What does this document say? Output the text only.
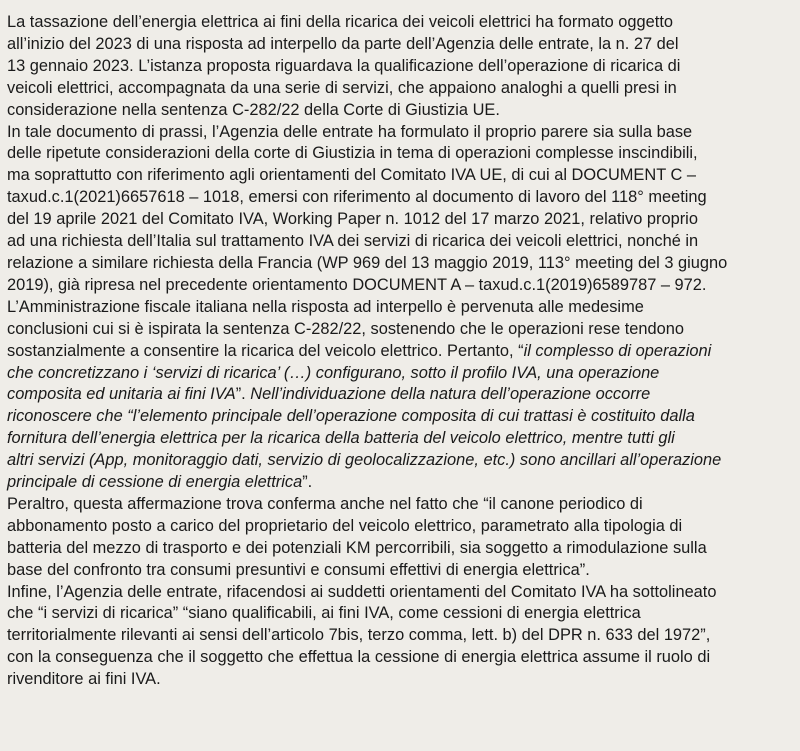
La tassazione dell’energia elettrica ai fini della ricarica dei veicoli elettrici ha formato oggetto
all’inizio del 2023 di una risposta ad interpello da parte dell’Agenzia delle entrate, la n. 27 del
13 gennaio 2023. L’istanza proposta riguardava la qualificazione dell’operazione di ricarica di
veicoli elettrici, accompagnata da una serie di servizi, che appaiono analoghi a quelli presi in
considerazione nella sentenza C-282/22 della Corte di Giustizia UE.
In tale documento di prassi, l’Agenzia delle entrate ha formulato il proprio parere sia sulla base
delle ripetute considerazioni della corte di Giustizia in tema di operazioni complesse inscindibili,
ma soprattutto con riferimento agli orientamenti del Comitato IVA UE, di cui al DOCUMENT C –
taxud.c.1(2021)6657618 – 1018, emersi con riferimento al documento di lavoro del 118° meeting
del 19 aprile 2021 del Comitato IVA, Working Paper n. 1012 del 17 marzo 2021, relativo proprio
ad una richiesta dell’Italia sul trattamento IVA dei servizi di ricarica dei veicoli elettrici, nonché in
relazione a similare richiesta della Francia (WP 969 del 13 maggio 2019, 113° meeting del 3 giugno
2019), già ripresa nel precedente orientamento DOCUMENT A – taxud.c.1(2019)6589787 – 972.
L’Amministrazione fiscale italiana nella risposta ad interpello è pervenuta alle medesime
conclusioni cui si è ispirata la sentenza C-282/22, sostenendo che le operazioni rese tendono
sostanzialmente a consentire la ricarica del veicolo elettrico. Pertanto, “il complesso di operazioni
che concretizzano i ‘servizi di ricarica’ (…) configurano, sotto il profilo IVA, una operazione
composita ed unitaria ai fini IVA”. Nell’individuazione della natura dell’operazione occorre
riconoscere che “l’elemento principale dell’operazione composita di cui trattasi è costituito dalla
fornitura dell’energia elettrica per la ricarica della batteria del veicolo elettrico, mentre tutti gli
altri servizi (App, monitoraggio dati, servizio di geolocalizzazione, etc.) sono ancillari all’operazione
principale di cessione di energia elettrica”.
Peraltro, questa affermazione trova conferma anche nel fatto che “il canone periodico di
abbonamento posto a carico del proprietario del veicolo elettrico, parametrato alla tipologia di
batteria del mezzo di trasporto e dei potenziali KM percorribili, sia soggetto a rimodulazione sulla
base del confronto tra consumi presuntivi e consumi effettivi di energia elettrica”.
Infine, l’Agenzia delle entrate, rifacendosi ai suddetti orientamenti del Comitato IVA ha sottolineato
che “i servizi di ricarica” “siano qualificabili, ai fini IVA, come cessioni di energia elettrica
territorialmente rilevanti ai sensi dell’articolo 7bis, terzo comma, lett. b) del DPR n. 633 del 1972”,
con la conseguenza che il soggetto che effettua la cessione di energia elettrica assume il ruolo di
rivenditore ai fini IVA.
